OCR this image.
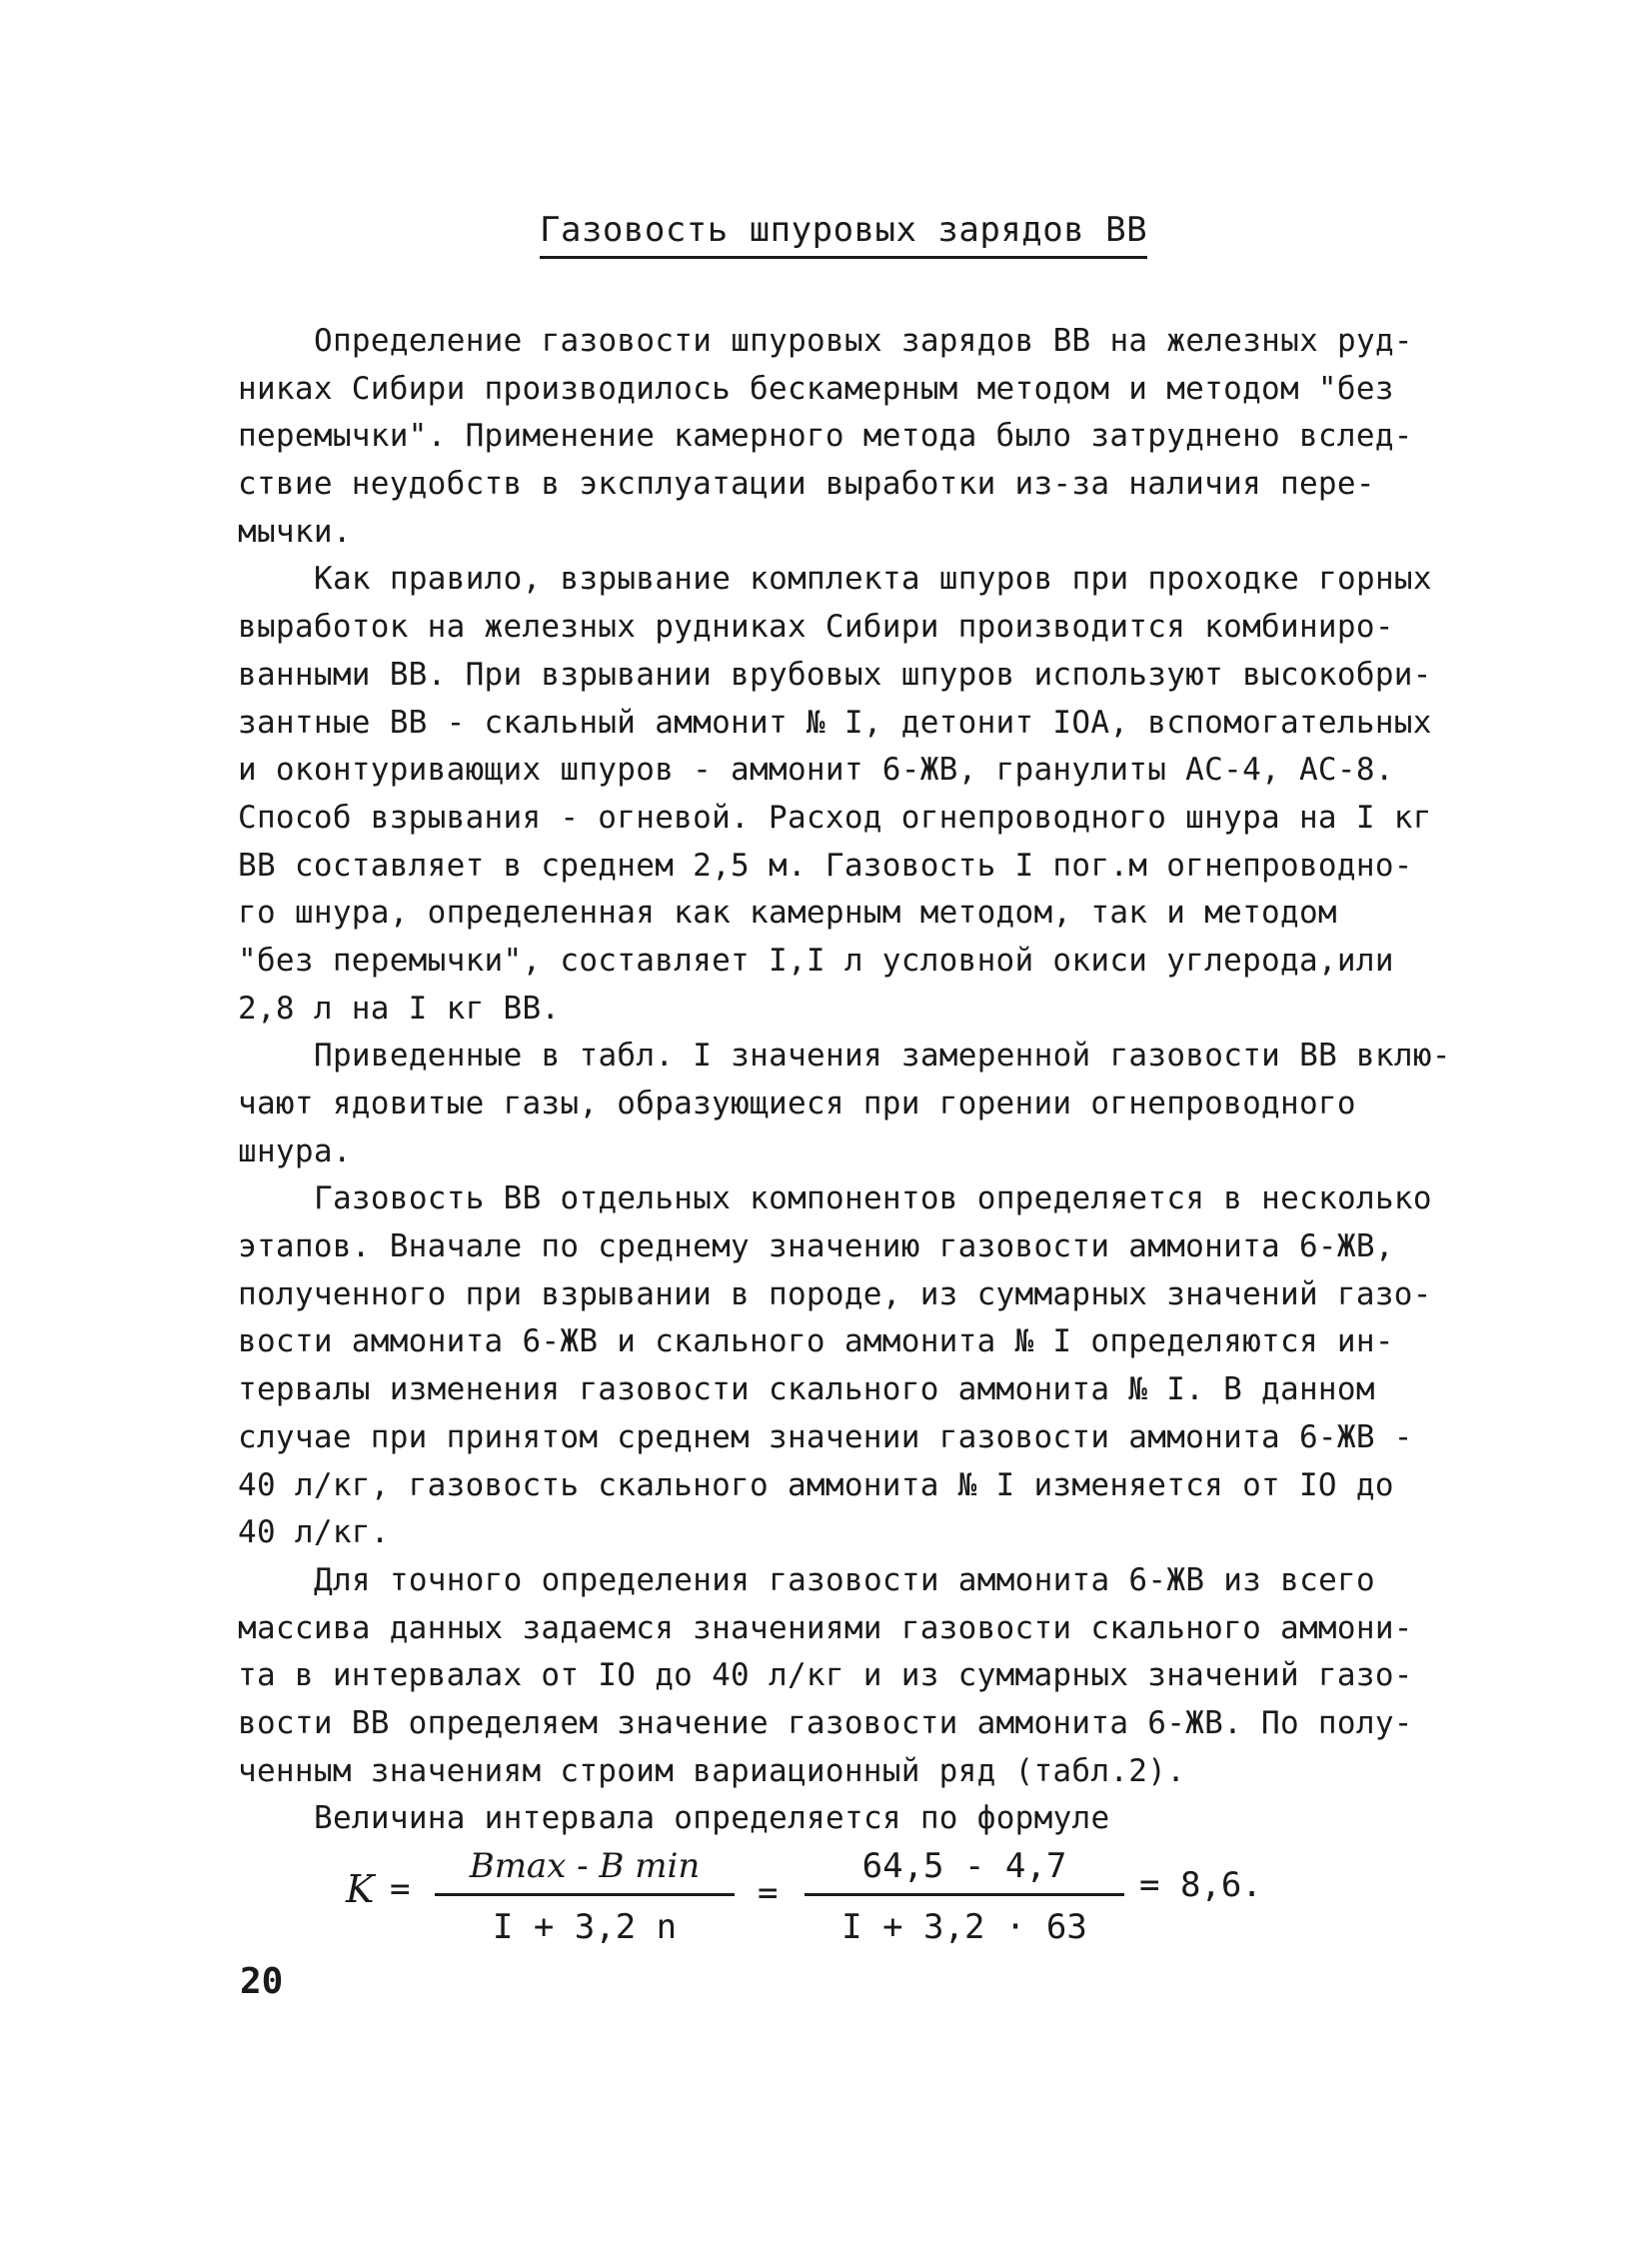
Газовость шпуровых зарядов ВВ
Определение газовости шпуровых зарядов ВВ на железных руд-
никах Сибири производилось бескамерным методом и методом "без
перемычки". Применение камерного метода было затруднено вслед-
ствие неудобств в эксплуатации выработки из-за наличия пере-
мычки.
Как правило, взрывание комплекта шпуров при проходке горных
выработок на железных рудниках Сибири производится комбиниро-
ванными ВВ. При взрывании врубовых шпуров используют высокобри-
зантные ВВ - скальный аммонит № I, детонит IOA, вспомогательных
и оконтуривающих шпуров - аммонит 6-ЖВ, гранулиты АС-4, АС-8.
Способ взрывания - огневой. Расход огнепроводного шнура на I кг
ВВ составляет в среднем 2,5 м. Газовость I пог.м огнепроводно-
го шнура, определенная как камерным методом, так и методом
"без перемычки", составляет I,I л условной окиси углерода,или
2,8 л на I кг ВВ.
Приведенные в табл. I значения замеренной газовости ВВ вклю-
чают ядовитые газы, образующиеся при горении огнепроводного
шнура.
Газовость ВВ отдельных компонентов определяется в несколько
этапов. Вначале по среднему значению газовости аммонита 6-ЖВ,
полученного при взрывании в породе, из суммарных значений газо-
вости аммонита 6-ЖВ и скального аммонита № I определяются ин-
тервалы изменения газовости скального аммонита № I. В данном
случае при принятом среднем значении газовости аммонита 6-ЖВ -
40 л/кг, газовость скального аммонита № I изменяется от IO до
40 л/кг.
Для точного определения газовости аммонита 6-ЖВ из всего
массива данных задаемся значениями газовости скального аммони-
та в интервалах от IO до 40 л/кг и из суммарных значений газо-
вости ВВ определяем значение газовости аммонита 6-ЖВ. По полу-
ченным значениям строим вариационный ряд (табл.2).
Величина интервала определяется по формуле
K =
Bmax - B min
I + 3,2 n
=
64,5 - 4,7
I + 3,2 · 63
= 8,6.
20
